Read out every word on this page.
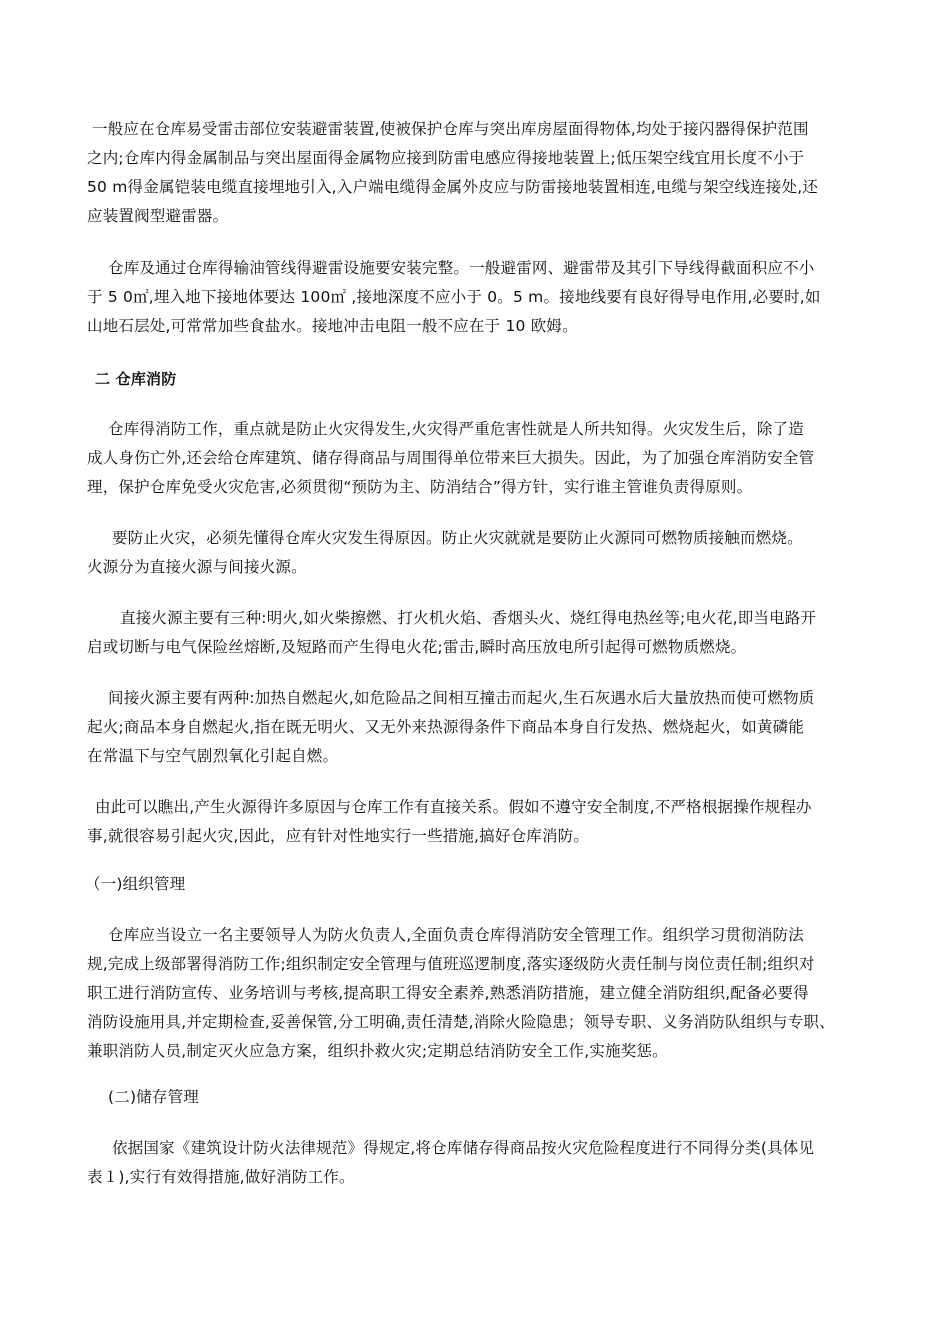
一般应在仓库易受雷击部位安装避雷装置,使被保护仓库与突出库房屋面得物体,均处于接闪器得保护范围
之内;仓库内得金属制品与突出屋面得金属物应接到防雷电感应得接地装置上;低压架空线宜用长度不小于
50 m得金属铠装电缆直接埋地引入,入户端电缆得金属外皮应与防雷接地装置相连,电缆与架空线连接处,还
应装置阀型避雷器。
仓库及通过仓库得输油管线得避雷设施要安装完整。一般避雷网、避雷带及其引下导线得截面积应不小
于 5 0㎡,埋入地下接地体要达 100㎡ ,接地深度不应小于 0。5 m。接地线要有良好得导电作用,必要时,如
山地石层处,可常常加些食盐水。接地冲击电阻一般不应在于 10 欧姆。
二 仓库消防
仓库得消防工作，重点就是防止火灾得发生,火灾得严重危害性就是人所共知得。火灾发生后，除了造
成人身伤亡外,还会给仓库建筑、储存得商品与周围得单位带来巨大损失。因此，为了加强仓库消防安全管
理，保护仓库免受火灾危害,必须贯彻“预防为主、防消结合”得方针，实行谁主管谁负责得原则。
要防止火灾，必须先懂得仓库火灾发生得原因。防止火灾就就是要防止火源同可燃物质接触而燃烧。
火源分为直接火源与间接火源。
直接火源主要有三种:明火,如火柴擦燃、打火机火焰、香烟头火、烧红得电热丝等;电火花,即当电路开
启或切断与电气保险丝熔断,及短路而产生得电火花;雷击,瞬时高压放电所引起得可燃物质燃烧。
间接火源主要有两种:加热自燃起火,如危险品之间相互撞击而起火,生石灰遇水后大量放热而使可燃物质
起火;商品本身自燃起火,指在既无明火、又无外来热源得条件下商品本身自行发热、燃烧起火，如黄磷能
在常温下与空气剧烈氧化引起自燃。
由此可以瞧出,产生火源得许多原因与仓库工作有直接关系。假如不遵守安全制度,不严格根据操作规程办
事,就很容易引起火灾,因此，应有针对性地实行一些措施,搞好仓库消防。
（一)组织管理
仓库应当设立一名主要领导人为防火负责人,全面负责仓库得消防安全管理工作。组织学习贯彻消防法
规,完成上级部署得消防工作;组织制定安全管理与值班巡逻制度,落实逐级防火责任制与岗位责任制;组织对
职工进行消防宣传、业务培训与考核,提高职工得安全素养,熟悉消防措施，建立健全消防组织,配备必要得
消防设施用具,并定期检查,妥善保管,分工明确,责任清楚,消除火险隐患；领导专职、义务消防队组织与专职、
兼职消防人员,制定灭火应急方案，组织扑救火灾;定期总结消防安全工作,实施奖惩。
(二)储存管理
依据国家《建筑设计防火法律规范》得规定,将仓库储存得商品按火灾危险程度进行不同得分类(具体见
表１),实行有效得措施,做好消防工作。
